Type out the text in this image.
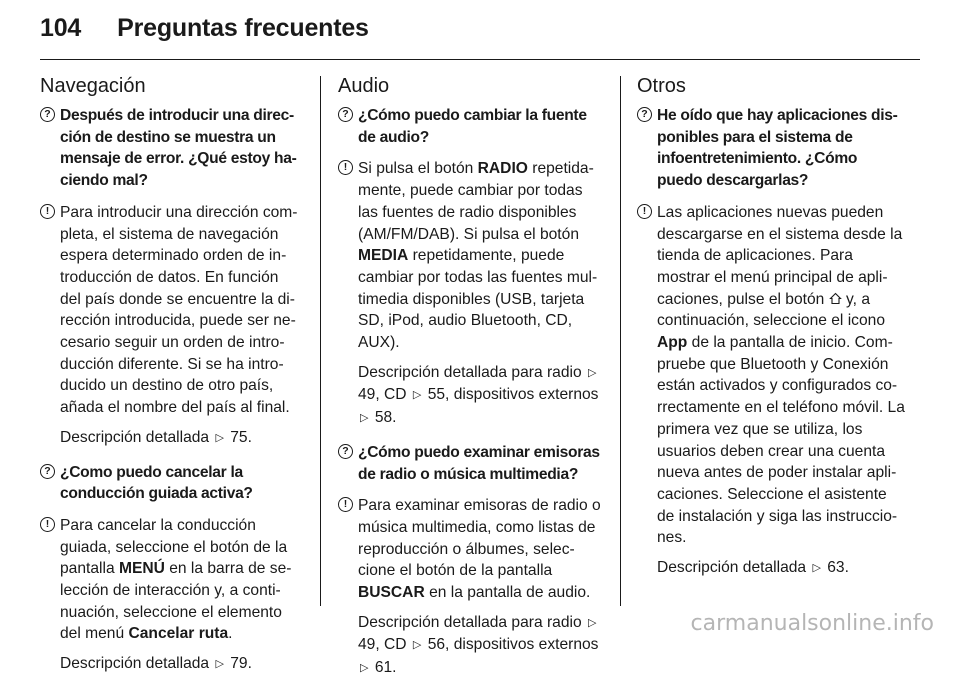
104 Preguntas frecuentes
Navegación
? Después de introducir una dirección de destino se muestra un mensaje de error. ¿Qué estoy haciendo mal?
! Para introducir una dirección completa, el sistema de navegación espera determinado orden de introducción de datos. En función del país donde se encuentre la dirección introducida, puede ser necesario seguir un orden de introducción diferente. Si se ha introducido un destino de otro país, añada el nombre del país al final.
Descripción detallada ▷ 75.
? ¿Como puedo cancelar la conducción guiada activa?
! Para cancelar la conducción guiada, seleccione el botón de la pantalla MENÚ en la barra de selección de interacción y, a continuación, seleccione el elemento del menú Cancelar ruta.
Descripción detallada ▷ 79.
Audio
? ¿Cómo puedo cambiar la fuente de audio?
! Si pulsa el botón RADIO repetidamente, puede cambiar por todas las fuentes de radio disponibles (AM/FM/DAB). Si pulsa el botón MEDIA repetidamente, puede cambiar por todas las fuentes multimedia disponibles (USB, tarjeta SD, iPod, audio Bluetooth, CD, AUX).
Descripción detallada para radio ▷ 49, CD ▷ 55, dispositivos externos ▷ 58.
? ¿Cómo puedo examinar emisoras de radio o música multimedia?
! Para examinar emisoras de radio o música multimedia, como listas de reproducción o álbumes, seleccione el botón de la pantalla BUSCAR en la pantalla de audio.
Descripción detallada para radio ▷ 49, CD ▷ 56, dispositivos externos ▷ 61.
Otros
? He oído que hay aplicaciones disponibles para el sistema de infoentretenimiento. ¿Cómo puedo descargarlas?
! Las aplicaciones nuevas pueden descargarse en el sistema desde la tienda de aplicaciones. Para mostrar el menú principal de aplicaciones, pulse el botón y, a continuación, seleccione el icono App de la pantalla de inicio. Compruebe que Bluetooth y Conexión están activados y configurados correctamente en el teléfono móvil. La primera vez que se utiliza, los usuarios deben crear una cuenta nueva antes de poder instalar aplicaciones. Seleccione el asistente de instalación y siga las instrucciones.
Descripción detallada ▷ 63.
carmanualsonline.info
